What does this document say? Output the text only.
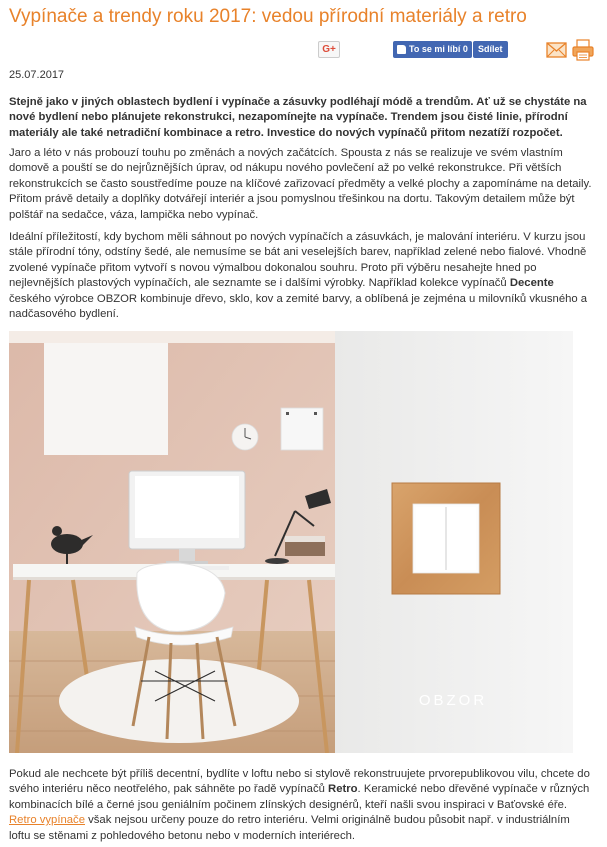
Vypínače a trendy roku 2017: vedou přírodní materiály a retro
G+	To se mi líbí 0	Sdílet
25.07.2017

Stejně jako v jiných oblastech bydlení i vypínače a zásuvky podléhají módě a trendům. Ať už se chystáte na nové bydlení nebo plánujete rekonstrukci, nezapomínejte na vypínače. Trendem jsou čisté linie, přírodní materiály ale také netradiční kombinace a retro. Investice do nových vypínačů přitom nezatíží rozpočet.

Jaro a léto v nás probouzí touhu po změnách a nových začátcích. Spousta z nás se realizuje ve svém vlastním domově a pouští se do nejrůznějších úprav, od nákupu nového povlečení až po velké rekonstrukce. Při větších rekonstrukcích se často soustředíme pouze na klíčové zařizovací předměty a velké plochy a zapomínáme na detaily. Přitom právě detaily a doplňky dotvářejí interiér a jsou pomyslnou třešinkou na dortu. Takovým detailem může být polštář na sedačce, váza, lampička nebo vypínač.

Ideální příležitostí, kdy bychom měli sáhnout po nových vypínačích a zásuvkách, je malování interiéru. V kurzu jsou stále přírodní tóny, odstíny šedé, ale nemusíme se bát ani veselejších barev, například zelené nebo fialové. Vhodně zvolené vypínače přitom vytvoří s novou výmalbou dokonalou souhru. Proto při výběru nesahejte hned po nejlevnějších plastových vypínačích, ale seznamte se i dalšími výrobky. Například kolekce vypínačů Decente českého výrobce OBZOR kombinuje dřevo, sklo, kov a zemité barvy, a oblíbená je zejména u milovníků vkusného a nadčasového bydlení.

OBZOR

Pokud ale nechcete být příliš decentní, bydlíte v loftu nebo si stylově rekonstruujete prvorepublikovou vilu, chcete do svého interiéru něco neotřelého, pak sáhněte po řadě vypínačů Retro. Keramické nebo dřevěné vypínače v různých kombinacích bílé a černé jsou geniálním počinem zlínských designérů, kteří našli svou inspiraci v Baťovské éře. Retro vypínače však nejsou určeny pouze do retro interiéru. Velmi originálně budou působit např. v industriálním loftu se stěnami z pohledového betonu nebo v moderních interiérech.
